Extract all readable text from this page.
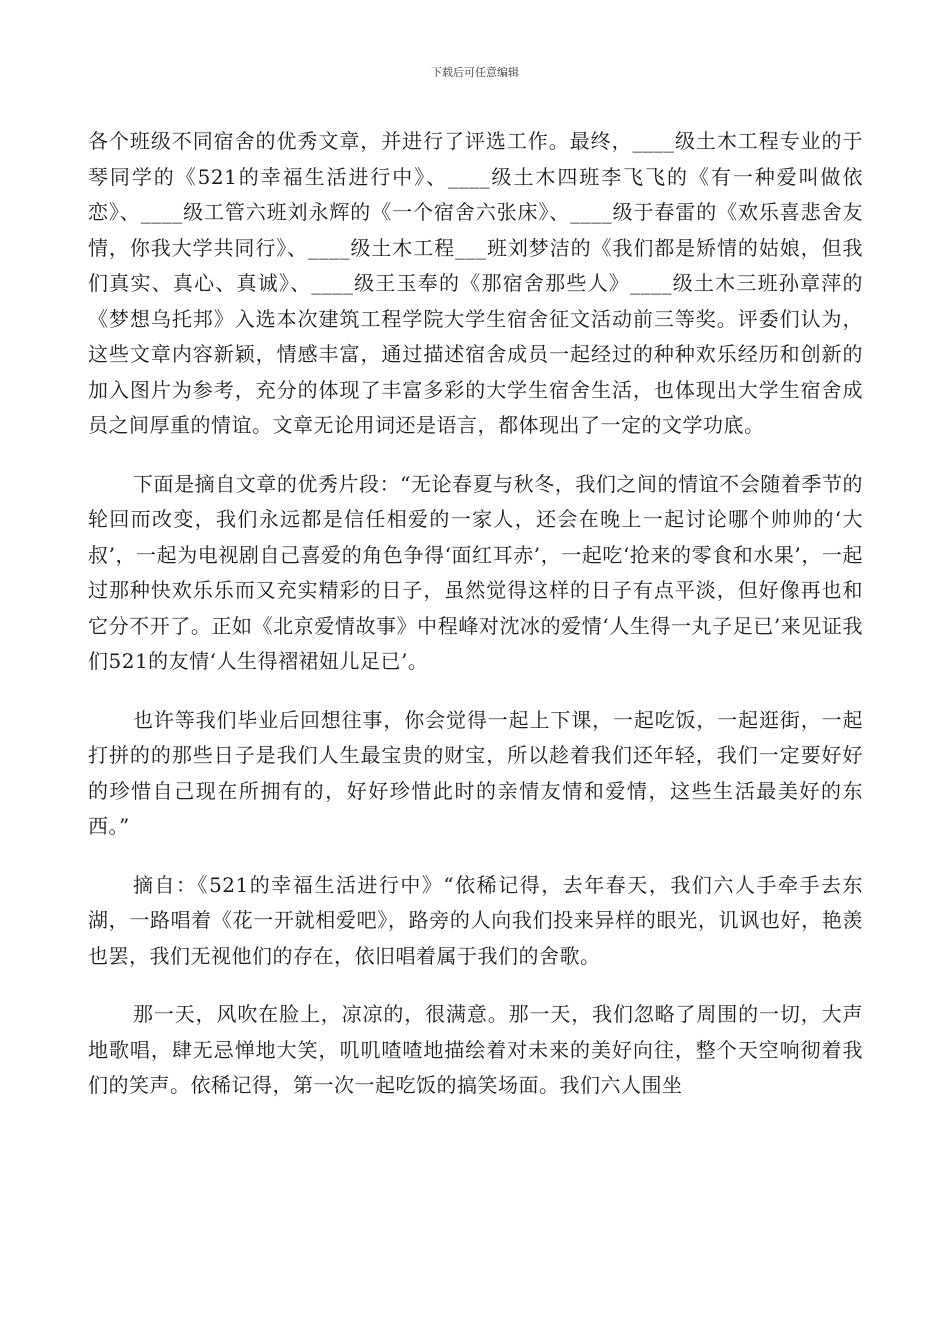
下载后可任意编辑

各个班级不同宿舍的优秀文章，并进行了评选工作。最终，____级土木工程专业的于琴同学的《521的幸福生活进行中》、____级土木四班李飞飞的《有一种爱叫做依恋》、____级工管六班刘永辉的《一个宿舍六张床》、____级于春雷的《欢乐喜悲舍友情，你我大学共同行》、____级土木工程___班刘梦洁的《我们都是矫情的姑娘，但我们真实、真心、真诚》、____级王玉奉的《那宿舍那些人》____级土木三班孙章萍的《梦想乌托邦》入选本次建筑工程学院大学生宿舍征文活动前三等奖。评委们认为，这些文章内容新颖，情感丰富，通过描述宿舍成员一起经过的种种欢乐经历和创新的加入图片为参考，充分的体现了丰富多彩的大学生宿舍生活，也体现出大学生宿舍成员之间厚重的情谊。文章无论用词还是语言，都体现出了一定的文学功底。

下面是摘自文章的优秀片段：“无论春夏与秋冬，我们之间的情谊不会随着季节的轮回而改变，我们永远都是信任相爱的一家人，还会在晚上一起讨论哪个帅帅的‘大叔’，一起为电视剧自己喜爱的角色争得‘面红耳赤’，一起吃‘抢来的零食和水果’，一起过那种快欢乐乐而又充实精彩的日子，虽然觉得这样的日子有点平淡，但好像再也和它分不开了。正如《北京爱情故事》中程峰对沈冰的爱情‘人生得一丸子足已’来见证我们521的友情‘人生得褶裙妞儿足已’。

也许等我们毕业后回想往事，你会觉得一起上下课，一起吃饭，一起逛街，一起打拼的的那些日子是我们人生最宝贵的财宝，所以趁着我们还年轻，我们一定要好好的珍惜自己现在所拥有的，好好珍惜此时的亲情友情和爱情，这些生活最美好的东西。”

摘自：《521的幸福生活进行中》“依稀记得，去年春天，我们六人手牵手去东湖，一路唱着《花一开就相爱吧》，路旁的人向我们投来异样的眼光，讥讽也好，艳羡也罢，我们无视他们的存在，依旧唱着属于我们的舍歌。

那一天，风吹在脸上，凉凉的，很满意。那一天，我们忽略了周围的一切，大声地歌唱，肆无忌惮地大笑，叽叽喳喳地描绘着对未来的美好向往，整个天空响彻着我们的笑声。依稀记得，第一次一起吃饭的搞笑场面。我们六人围坐
